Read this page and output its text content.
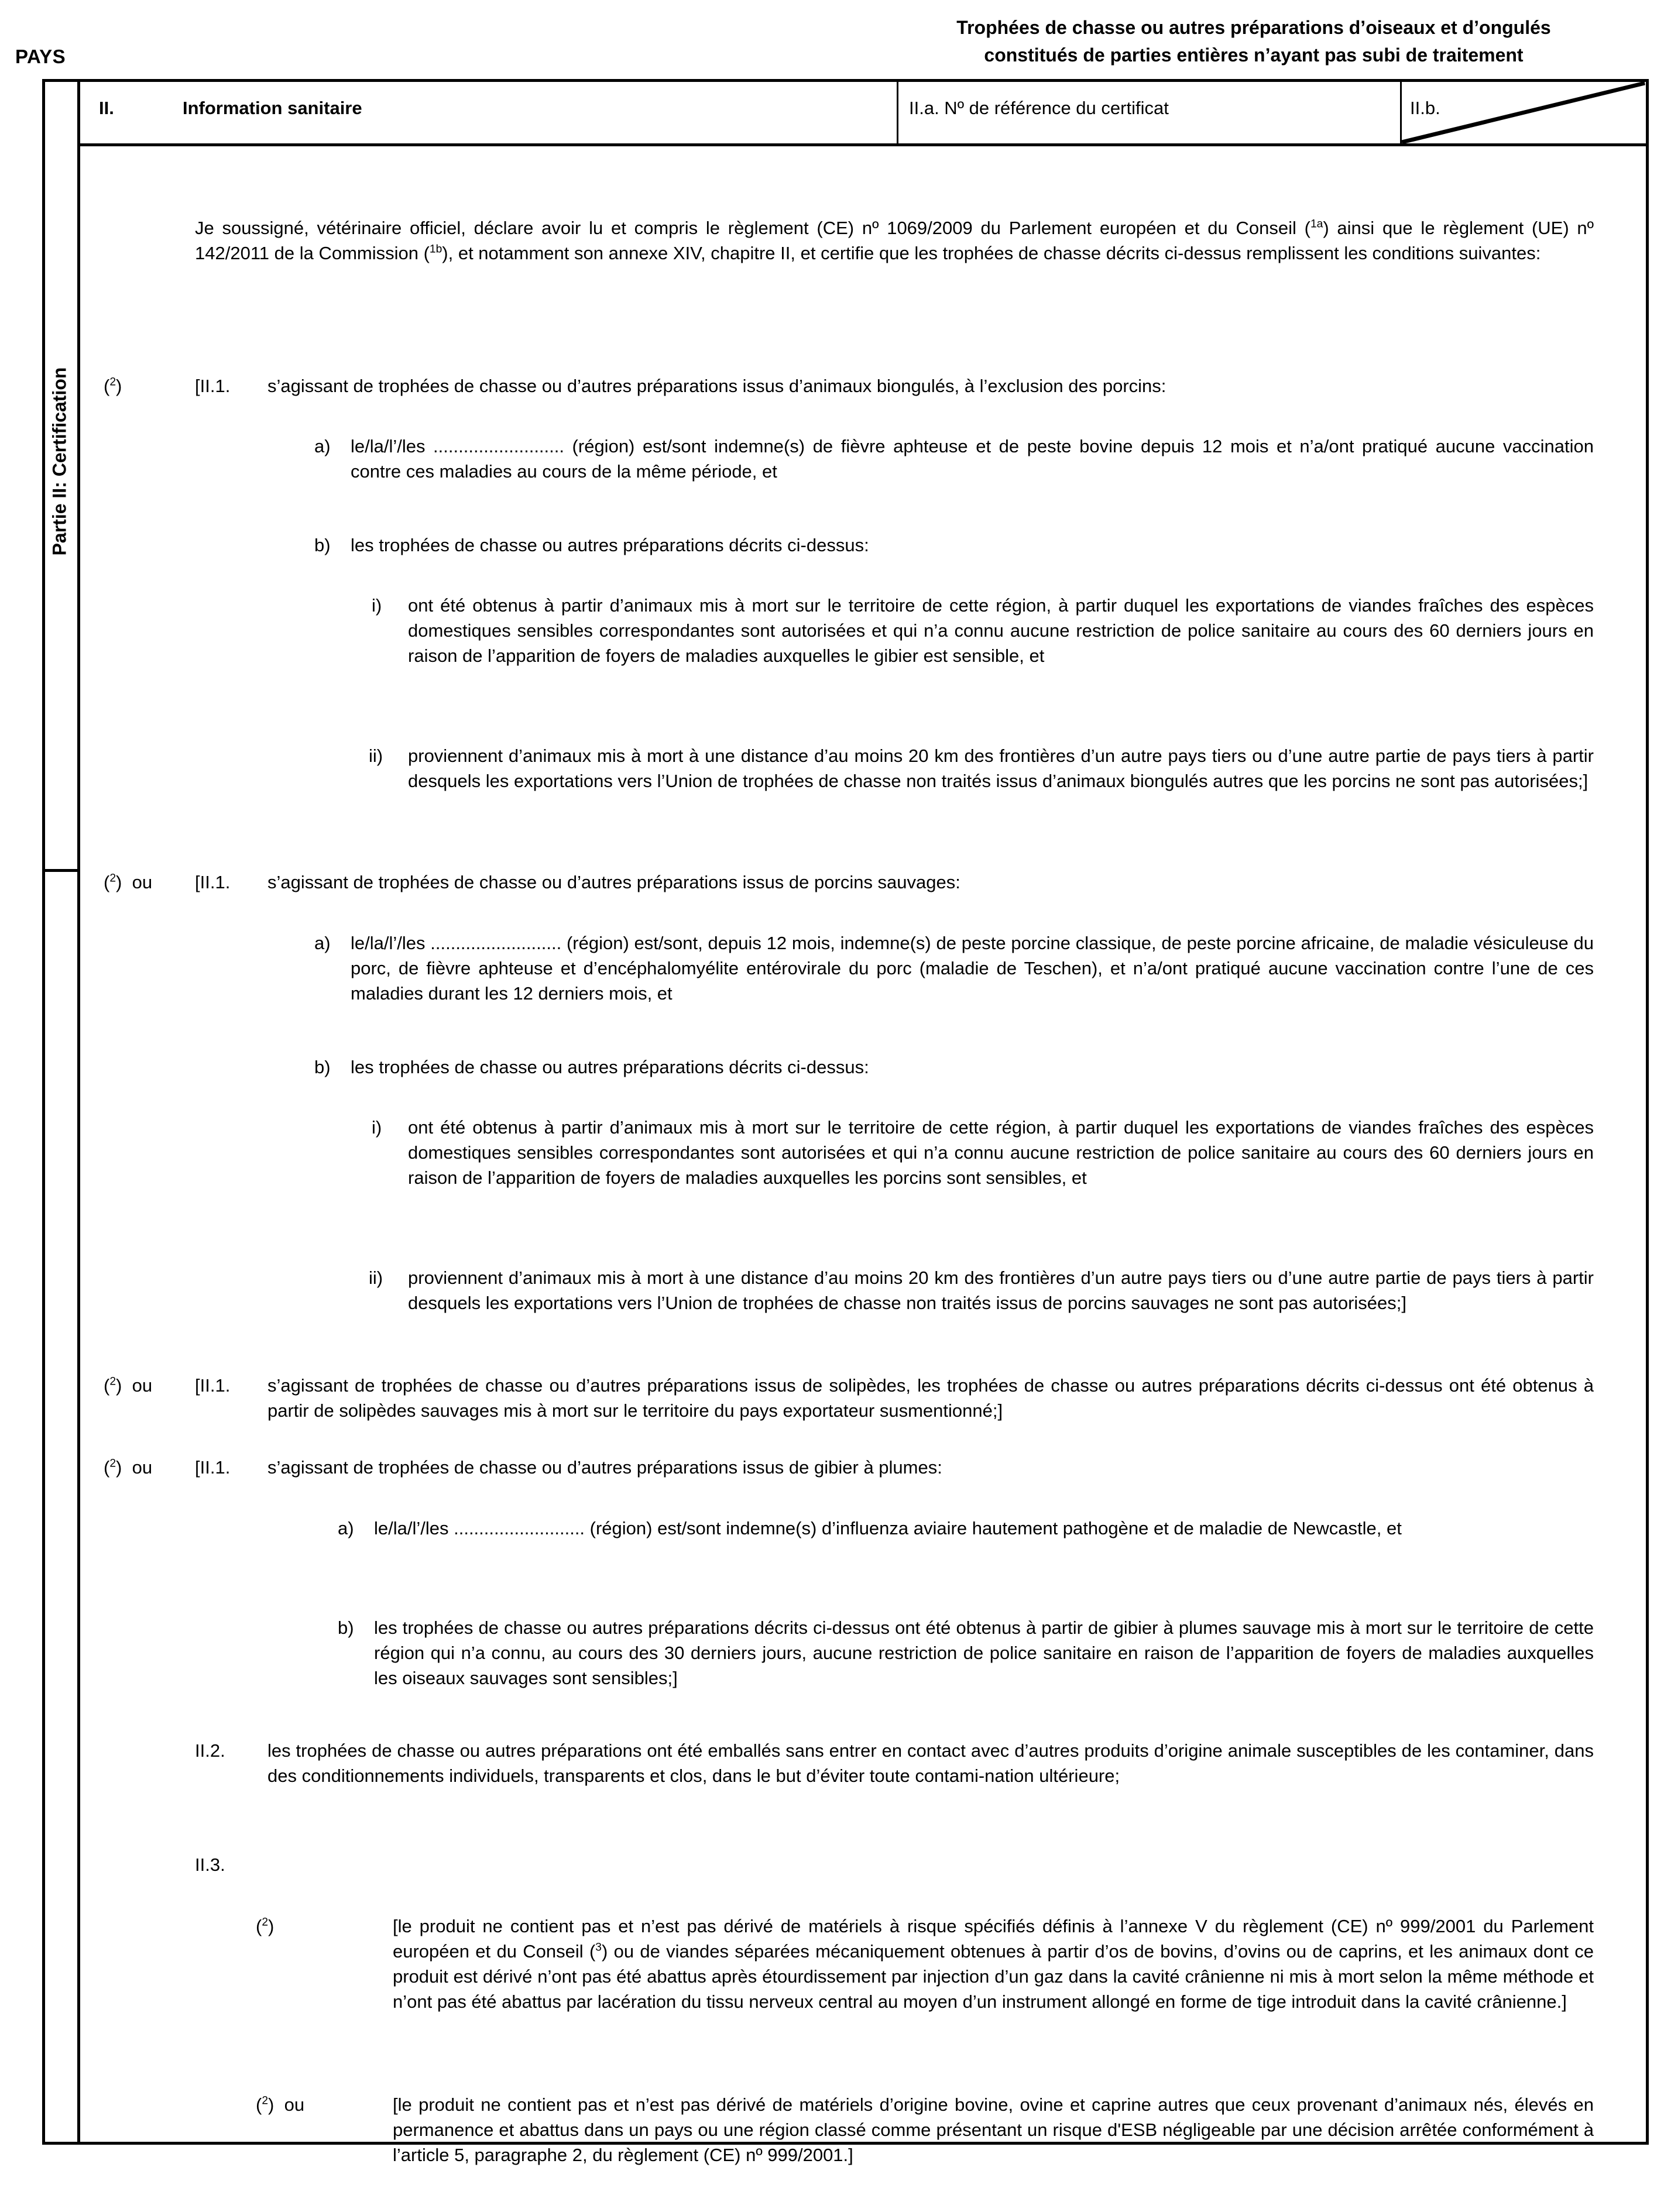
PAYS
Trophées de chasse ou autres préparations d’oiseaux et d’ongulés
constitués de parties entières n’ayant pas subi de traitement
Partie II: Certification
II.	Information sanitaire	II.a. Nº de référence du certificat	II.b.
Je soussigné, vétérinaire officiel, déclare avoir lu et compris le règlement (CE) nº 1069/2009 du Parlement européen et du Conseil ($^{1a}$) ainsi que le règlement (UE) nº 142/2011 de la Commission ($^{1b}$), et notamment son annexe XIV, chapitre II, et certifie que les trophées de chasse décrits ci-dessus remplissent les conditions suivantes:
($^2$)	[II.1. s’agissant de trophées de chasse ou d’autres préparations issus d’animaux biongulés, à l’exclusion des porcins:
a) le/la/l’/les .......................... (région) est/sont indemne(s) de fièvre aphteuse et de peste bovine depuis 12 mois et n’a/ont pratiqué aucune vaccination contre ces maladies au cours de la même période, et
b) les trophées de chasse ou autres préparations décrits ci-dessus:
i) ont été obtenus à partir d’animaux mis à mort sur le territoire de cette région, à partir duquel les exportations de viandes fraîches des espèces domestiques sensibles correspondantes sont autorisées et qui n’a connu aucune restriction de police sanitaire au cours des 60 derniers jours en raison de l’apparition de foyers de maladies auxquelles le gibier est sensible, et
ii) proviennent d’animaux mis à mort à une distance d’au moins 20 km des frontières d’un autre pays tiers ou d’une autre partie de pays tiers à partir desquels les exportations vers l’Union de trophées de chasse non traités issus d’animaux biongulés autres que les porcins ne sont pas autorisées;]
($^2$)  ou [II.1. s’agissant de trophées de chasse ou d’autres préparations issus de porcins sauvages:
a) le/la/l’/les .......................... (région) est/sont, depuis 12 mois, indemne(s) de peste porcine classique, de peste porcine africaine, de maladie vésiculeuse du porc, de fièvre aphteuse et d’encéphalomyélite entérovirale du porc (maladie de Teschen), et n’a/ont pratiqué aucune vaccination contre l’une de ces maladies durant les 12 derniers mois, et
b) les trophées de chasse ou autres préparations décrits ci-dessus:
i) ont été obtenus à partir d’animaux mis à mort sur le territoire de cette région, à partir duquel les exportations de viandes fraîches des espèces domestiques sensibles correspondantes sont autorisées et qui n’a connu aucune restriction de police sanitaire au cours des 60 derniers jours en raison de l’apparition de foyers de maladies auxquelles les porcins sont sensibles, et
ii) proviennent d’animaux mis à mort à une distance d’au moins 20 km des frontières d’un autre pays tiers ou d’une autre partie de pays tiers à partir desquels les exportations vers l’Union de trophées de chasse non traités issus de porcins sauvages ne sont pas autorisées;]
($^2$)  ou [II.1. s’agissant de trophées de chasse ou d’autres préparations issus de solipèdes, les trophées de chasse ou autres préparations décrits ci-dessus ont été obtenus à partir de solipèdes sauvages mis à mort sur le territoire du pays exportateur susmentionné;]
($^2$)  ou [II.1. s’agissant de trophées de chasse ou d’autres préparations issus de gibier à plumes:
a) le/la/l’/les .......................... (région) est/sont indemne(s) d’influenza aviaire hautement pathogène et de maladie de Newcastle, et
b) les trophées de chasse ou autres préparations décrits ci-dessus ont été obtenus à partir de gibier à plumes sauvage mis à mort sur le territoire de cette région qui n’a connu, au cours des 30 derniers jours, aucune restriction de police sanitaire en raison de l’apparition de foyers de maladies auxquelles les oiseaux sauvages sont sensibles;]
II.2. les trophées de chasse ou autres préparations ont été emballés sans entrer en contact avec d’autres produits d’origine animale susceptibles de les contaminer, dans des conditionnements individuels, transparents et clos, dans le but d’éviter toute contami-nation ultérieure;
II.3.
($^2$)	[le produit ne contient pas et n’est pas dérivé de matériels à risque spécifiés définis à l’annexe V du règlement (CE) nº 999/2001 du Parlement européen et du Conseil ($^3$) ou de viandes séparées mécaniquement obtenues à partir d’os de bovins, d’ovins ou de caprins, et les animaux dont ce produit est dérivé n’ont pas été abattus après étourdissement par injection d’un gaz dans la cavité crânienne ni mis à mort selon la même méthode et n’ont pas été abattus par lacération du tissu nerveux central au moyen d’un instrument allongé en forme de tige introduit dans la cavité crânienne.]
($^2$)  ou	[le produit ne contient pas et n’est pas dérivé de matériels d’origine bovine, ovine et caprine autres que ceux provenant d’animaux nés, élevés en permanence et abattus dans un pays ou une région classé comme présentant un risque d'ESB négligeable par une décision arrêtée conformément à l’article 5, paragraphe 2, du règlement (CE) nº 999/2001.]
